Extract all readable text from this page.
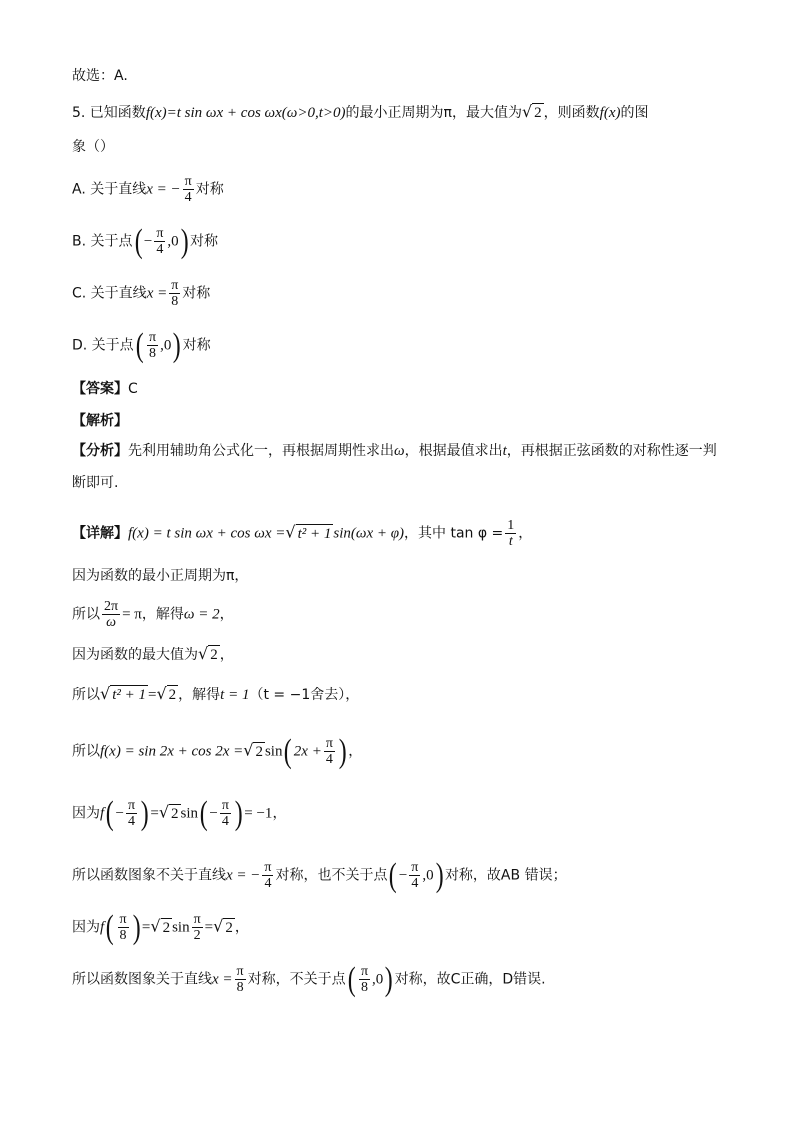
故选：A.
5. 已知函数f(x)=t sin ωx + cos ωx(ω>0,t>0)的最小正周期为π，最大值为√ 2 ，则函数f(x)的图
象（）
A. 关于直线x = − $\frac{\pi}{4}$ 对称
B. 关于点( − $\frac{\pi}{4} ,0$) 对称
C. 关于直线$x = \frac{\pi}{8}$ 对称
D. 关于点( $\frac{\pi}{8} ,0$) 对称
【答案】C
【解析】
【分析】先利用辅助角公式化一，再根据周期性求出ω，根据最值求出t，再根据正弦函数的对称性逐一判
断即可.
【详解】f(x) = t sin ωx + cos ωx =√ t² + 1 sin(ωx + φ)，其中 $\tan \varphi = \frac{1}{t}$ ，
因为函数的最小正周期为π，
所以 $\frac{2\pi}{\omega} = \pi$，解得ω = 2，
因为函数的最大值为√ 2 ，
所以√ t² + 1 =√ 2 ，解得t = 1（t = −1舍去），
所以f(x) = sin 2x + cos 2x =√ 2 sin( $2x + \frac{\pi}{4}$ ) ，
因为$f( - \frac{\pi}{4}$ ) =√ 2 $\sin( - \frac{\pi}{4}$ ) = −1，
所以函数图象不关于直线x = − $\frac{\pi}{4}$ 对称，也不关于点( − $\frac{\pi}{4} ,0$) 对称，故AB 错误；
因为$f( \frac{\pi}{8}$ ) =√ 2 $\sin \frac{\pi}{2}$ =√ 2 ，
所以函数图象关于直线$x = \frac{\pi}{8}$ 对称，不关于点( $\frac{\pi}{8} ,0$) 对称，故C正确，D错误.
